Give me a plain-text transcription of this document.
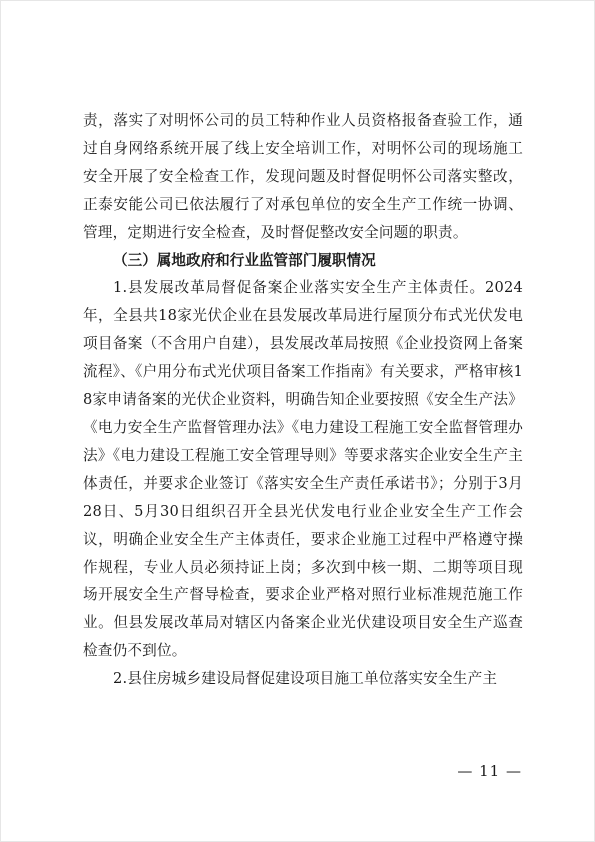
责，落实了对明怀公司的员工特种作业人员资格报备查验工作，通过自身网络系统开展了线上安全培训工作，对明怀公司的现场施工安全开展了安全检查工作，发现问题及时督促明怀公司落实整改，正泰安能公司已依法履行了对承包单位的安全生产工作统一协调、管理，定期进行安全检查，及时督促整改安全问题的职责。

（三）属地政府和行业监管部门履职情况

1.县发展改革局督促备案企业落实安全生产主体责任。2024年，全县共18家光伏企业在县发展改革局进行屋顶分布式光伏发电项目备案（不含用户自建），县发展改革局按照《企业投资网上备案流程》、《户用分布式光伏项目备案工作指南》有关要求，严格审核18家申请备案的光伏企业资料，明确告知企业要按照《安全生产法》《电力安全生产监督管理办法》《电力建设工程施工安全监督管理办法》《电力建设工程施工安全管理导则》等要求落实企业安全生产主体责任，并要求企业签订《落实安全生产责任承诺书》；分别于3月28日、5月30日组织召开全县光伏发电行业企业安全生产工作会议，明确企业安全生产主体责任，要求企业施工过程中严格遵守操作规程，专业人员必须持证上岗；多次到中核一期、二期等项目现场开展安全生产督导检查，要求企业严格对照行业标准规范施工作业。但县发展改革局对辖区内备案企业光伏建设项目安全生产巡查检查仍不到位。

2.县住房城乡建设局督促建设项目施工单位落实安全生产主

— 11 —
